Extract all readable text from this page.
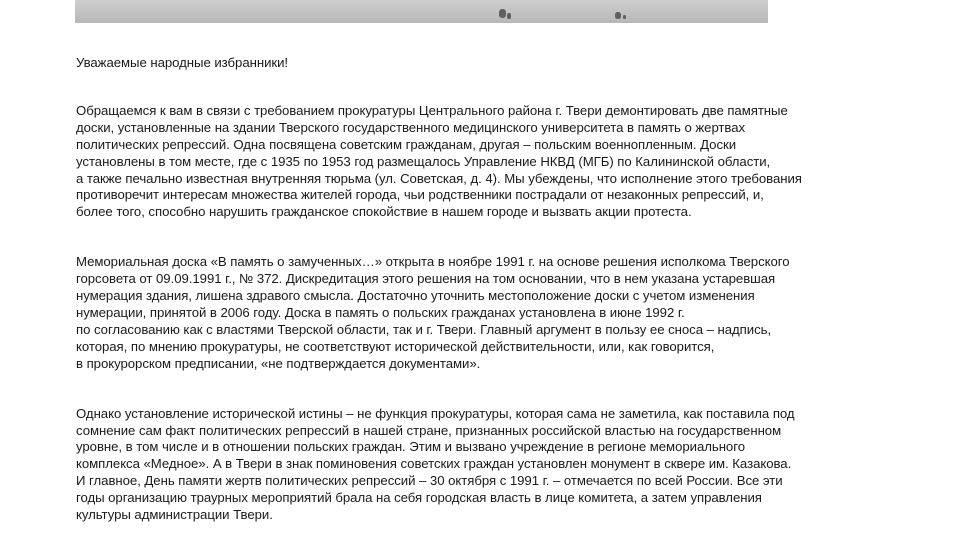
Уважаемые народные избранники!

Обращаемся к вам в связи с требованием прокуратуры Центрального района г. Твери демонтировать две памятные
доски, установленные на здании Тверского государственного медицинского университета в память о жертвах
политических репрессий. Одна посвящена советским гражданам, другая – польским военнопленным. Доски
установлены в том месте, где с 1935 по 1953 год размещалось Управление НКВД (МГБ) по Калининской области,
а также печально известная внутренняя тюрьма (ул. Советская, д. 4). Мы убеждены, что исполнение этого требования
противоречит интересам множества жителей города, чьи родственники пострадали от незаконных репрессий, и,
более того, способно нарушить гражданское спокойствие в нашем городе и вызвать акции протеста.

Мемориальная доска «В память о замученных…» открыта в ноябре 1991 г. на основе решения исполкома Тверского
горсовета от 09.09.1991 г., № 372. Дискредитация этого решения на том основании, что в нем указана устаревшая
нумерация здания, лишена здравого смысла. Достаточно уточнить местоположение доски с учетом изменения
нумерации, принятой в 2006 году. Доска в память о польских гражданах установлена в июне 1992 г.
по согласованию как с властями Тверской области, так и г. Твери. Главный аргумент в пользу ее сноса – надпись,
которая, по мнению прокуратуры, не соответствуют исторической действительности, или, как говорится,
в прокурорском предписании, «не подтверждается документами».

Однако установление исторической истины – не функция прокуратуры, которая сама не заметила, как поставила под
сомнение сам факт политических репрессий в нашей стране, признанных российской властью на государственном
уровне, в том числе и в отношении польских граждан. Этим и вызвано учреждение в регионе мемориального
комплекса «Медное». А в Твери в знак поминовения советских граждан установлен монумент в сквере им. Казакова.
И главное, День памяти жертв политических репрессий – 30 октября с 1991 г. – отмечается по всей России. Все эти
годы организацию траурных мероприятий брала на себя городская власть в лице комитета, а затем управления
культуры администрации Твери.
